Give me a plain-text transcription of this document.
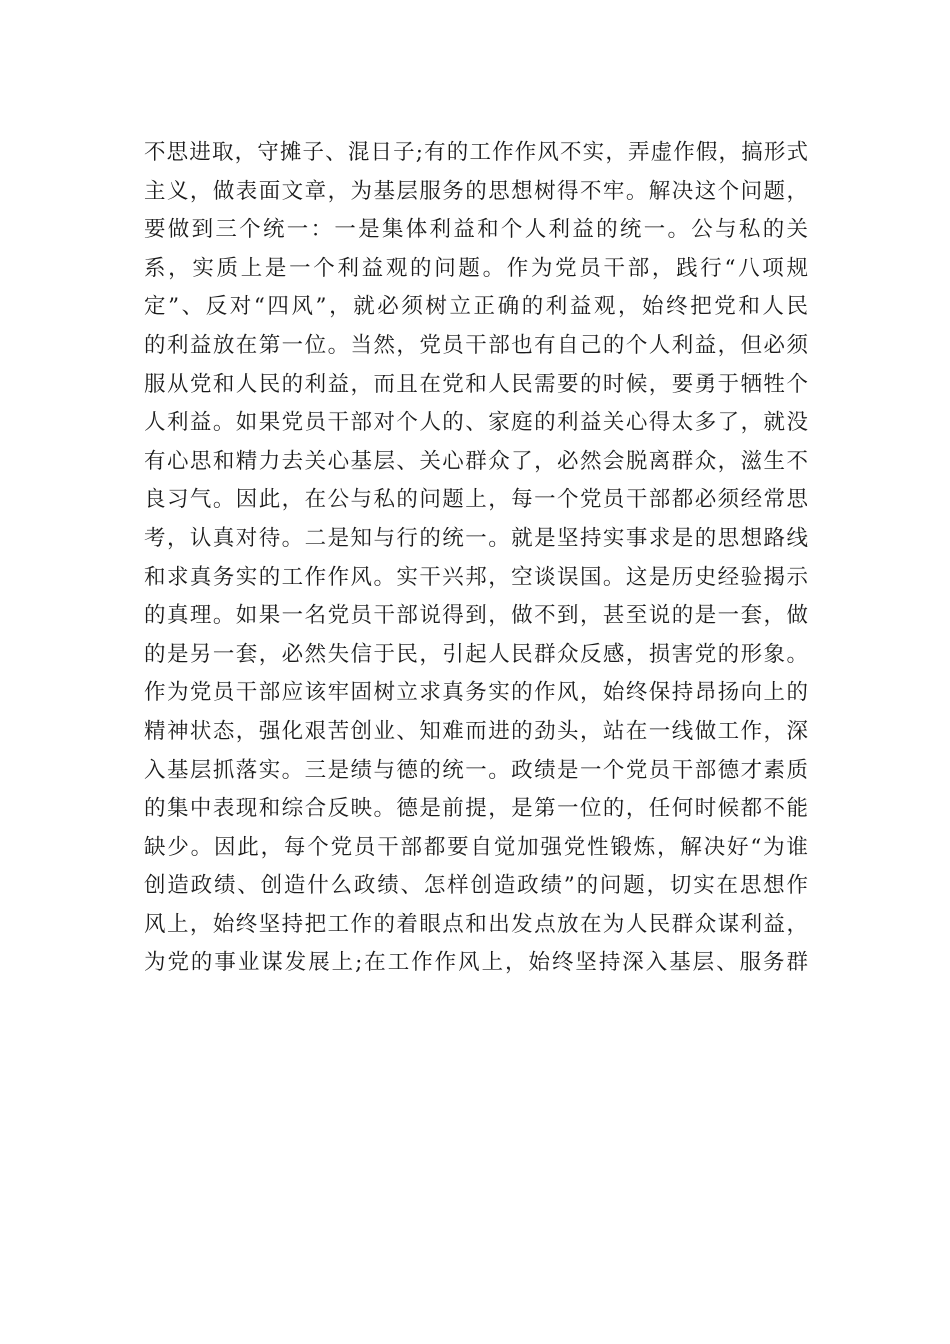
不思进取，守摊子、混日子;有的工作作风不实，弄虚作假，搞形式
主义，做表面文章，为基层服务的思想树得不牢。解决这个问题，
要做到三个统一：一是集体利益和个人利益的统一。公与私的关
系，实质上是一个利益观的问题。作为党员干部，践行“八项规
定”、反对“四风”，就必须树立正确的利益观，始终把党和人民
的利益放在第一位。当然，党员干部也有自己的个人利益，但必须
服从党和人民的利益，而且在党和人民需要的时候，要勇于牺牲个
人利益。如果党员干部对个人的、家庭的利益关心得太多了，就没
有心思和精力去关心基层、关心群众了，必然会脱离群众，滋生不
良习气。因此，在公与私的问题上，每一个党员干部都必须经常思
考，认真对待。二是知与行的统一。就是坚持实事求是的思想路线
和求真务实的工作作风。实干兴邦，空谈误国。这是历史经验揭示
的真理。如果一名党员干部说得到，做不到，甚至说的是一套，做
的是另一套，必然失信于民，引起人民群众反感，损害党的形象。
作为党员干部应该牢固树立求真务实的作风，始终保持昂扬向上的
精神状态，强化艰苦创业、知难而进的劲头，站在一线做工作，深
入基层抓落实。三是绩与德的统一。政绩是一个党员干部德才素质
的集中表现和综合反映。德是前提，是第一位的，任何时候都不能
缺少。因此，每个党员干部都要自觉加强党性锻炼，解决好“为谁
创造政绩、创造什么政绩、怎样创造政绩”的问题，切实在思想作
风上，始终坚持把工作的着眼点和出发点放在为人民群众谋利益，
为党的事业谋发展上;在工作作风上，始终坚持深入基层、服务群
